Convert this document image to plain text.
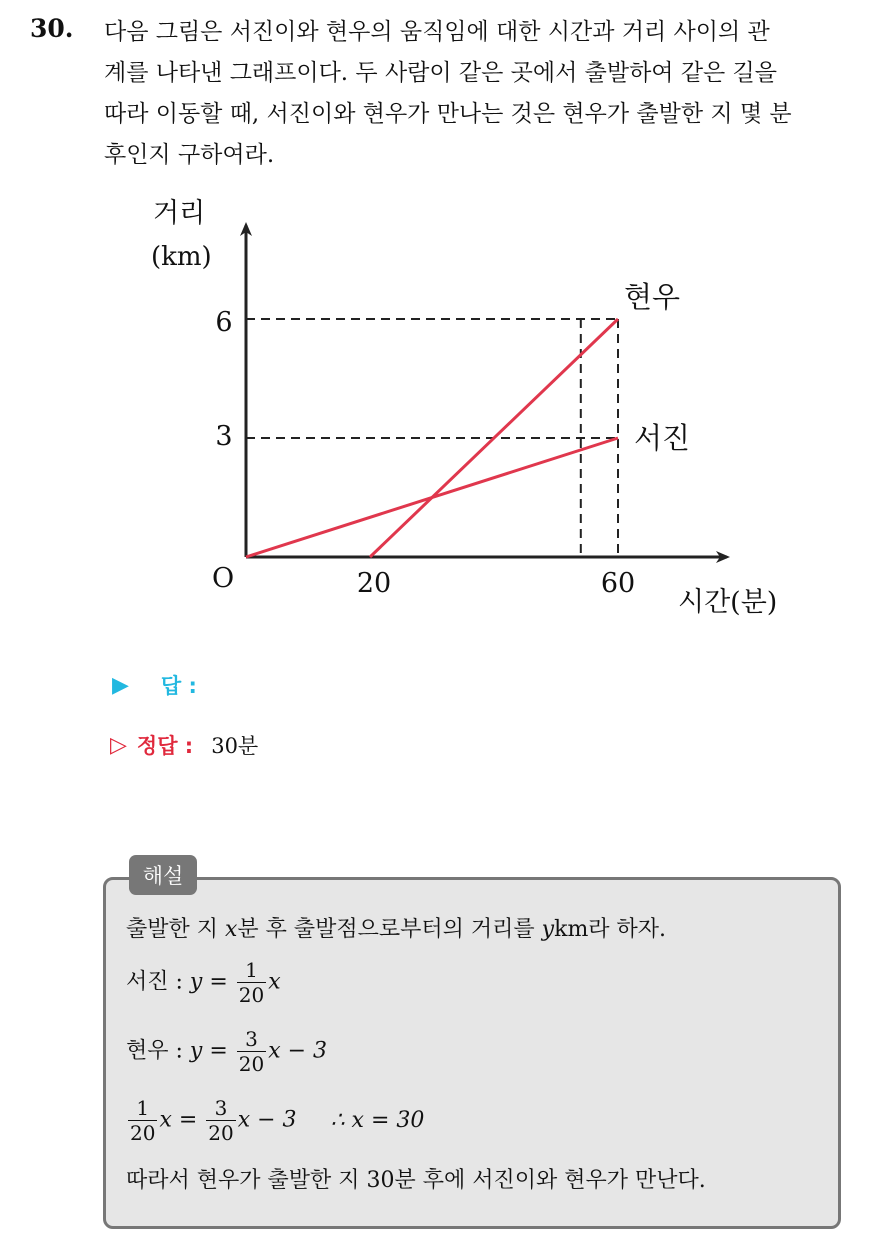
30. 다음 그림은 서진이와 현우의 움직임에 대한 시간과 거리 사이의 관
계를 나타낸 그래프이다. 두 사람이 같은 곳에서 출발하여 같은 길을
따라 이동할 때, 서진이와 현우가 만나는 것은 현우가 출발한 지 몇 분
후인지 구하여라.

거리
(km)
시간(분)
O	20	60
3
6
현우
서진
▶ 답 :
▷ 정답 : 30분
해설
출발한 지 x분 후 출발점으로부터의 거리를 ykm라 하자.
서진 : $y = \frac{1}{20}$ x
현우 : $y = \frac{3}{20}$ x − 3
$\frac{1}{20}$ $x = \frac{3}{20}$ x − 3 ∴ x = 30
따라서 현우가 출발한 지 30분 후에 서진이와 현우가 만난다.
